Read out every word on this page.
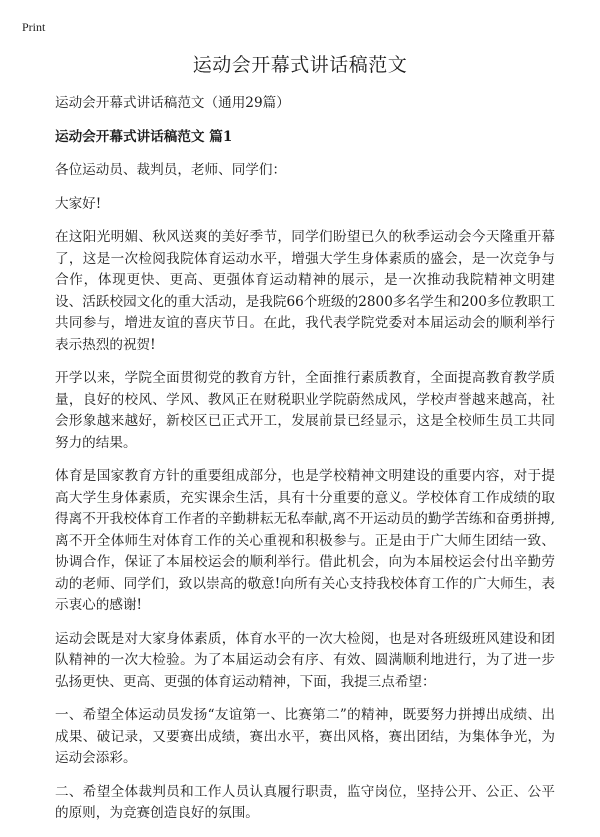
Print
运动会开幕式讲话稿范文

运动会开幕式讲话稿范文（通用29篇）

运动会开幕式讲话稿范文 篇1

各位运动员、裁判员，老师、同学们：

大家好!

在这阳光明媚、秋风送爽的美好季节，同学们盼望已久的秋季运动会今天隆重开幕了，这是一次检阅我院体育运动水平，增强大学生身体素质的盛会，是一次竞争与合作，体现更快、更高、更强体育运动精神的展示，是一次推动我院精神文明建设、活跃校园文化的重大活动，是我院66个班级的2800多名学生和200多位教职工共同参与，增进友谊的喜庆节日。在此，我代表学院党委对本届运动会的顺利举行表示热烈的祝贺!

开学以来，学院全面贯彻党的教育方针，全面推行素质教育，全面提高教育教学质量，良好的校风、学风、教风正在财税职业学院蔚然成风，学校声誉越来越高，社会形象越来越好，新校区已正式开工，发展前景已经显示，这是全校师生员工共同努力的结果。

体育是国家教育方针的重要组成部分，也是学校精神文明建设的重要内容，对于提高大学生身体素质，充实课余生活，具有十分重要的意义。学校体育工作成绩的取得离不开我校体育工作者的辛勤耕耘无私奉献,离不开运动员的勤学苦练和奋勇拼搏,离不开全体师生对体育工作的关心重视和积极参与。正是由于广大师生团结一致、协调合作，保证了本届校运会的顺利举行。借此机会，向为本届校运会付出辛勤劳动的老师、同学们，致以崇高的敬意!向所有关心支持我校体育工作的广大师生，表示衷心的感谢!

运动会既是对大家身体素质，体育水平的一次大检阅，也是对各班级班风建设和团队精神的一次大检验。为了本届运动会有序、有效、圆满顺利地进行，为了进一步弘扬更快、更高、更强的体育运动精神，下面，我提三点希望：

一、希望全体运动员发扬“友谊第一、比赛第二”的精神，既要努力拼搏出成绩、出成果、破记录，又要赛出成绩，赛出水平，赛出风格，赛出团结，为集体争光，为运动会添彩。

二、希望全体裁判员和工作人员认真履行职责，监守岗位，坚持公开、公正、公平的原则，为竞赛创造良好的氛围。
